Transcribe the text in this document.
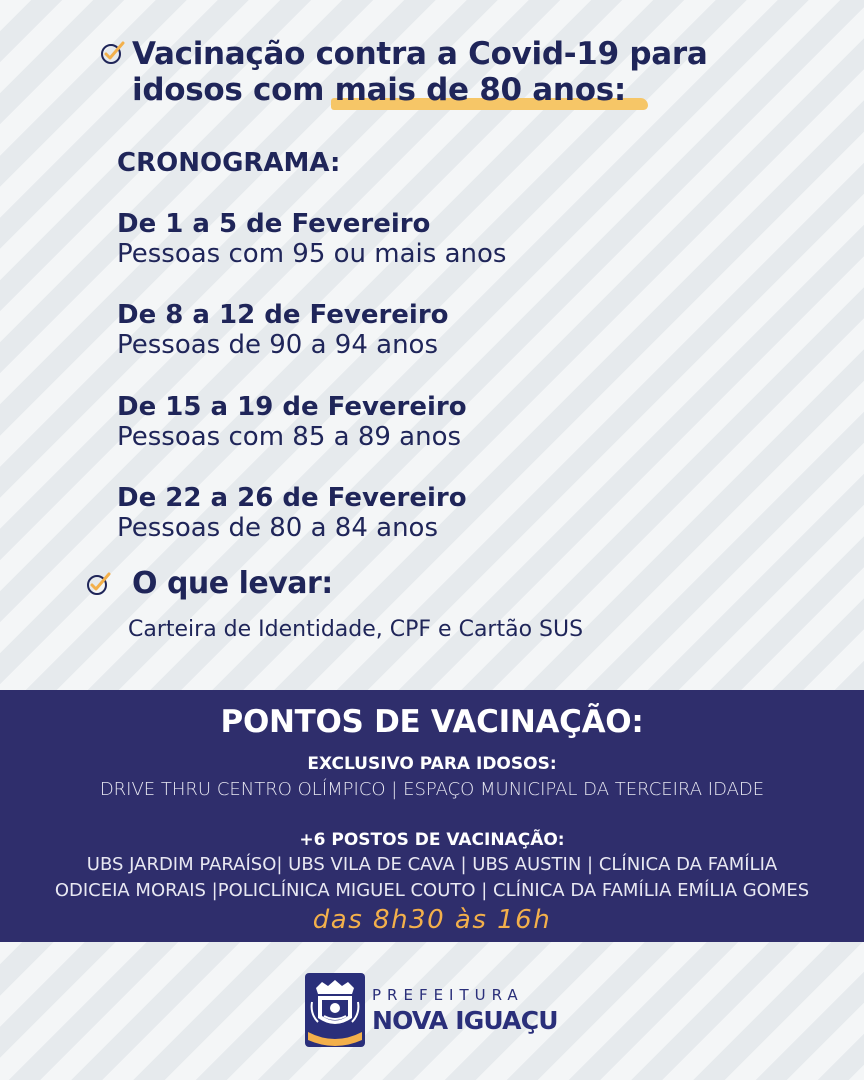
Vacinação contra a Covid-19 para
idosos com mais de 80 anos:
CRONOGRAMA:
De 1 a 5 de Fevereiro
Pessoas com 95 ou mais anos
De 8 a 12 de Fevereiro
Pessoas de 90 a 94 anos
De 15 a 19 de Fevereiro
Pessoas com 85 a 89 anos
De 22 a 26 de Fevereiro
Pessoas de 80 a 84 anos
O que levar:
Carteira de Identidade, CPF e Cartão SUS
PONTOS DE VACINAÇÃO:
EXCLUSIVO PARA IDOSOS:
DRIVE THRU CENTRO OLÍMPICO | ESPAÇO MUNICIPAL DA TERCEIRA IDADE
+6 POSTOS DE VACINAÇÃO:
UBS JARDIM PARAÍSO| UBS VILA DE CAVA | UBS AUSTIN | CLÍNICA DA FAMÍLIA
ODICEIA MORAIS |POLICLÍNICA MIGUEL COUTO | CLÍNICA DA FAMÍLIA EMÍLIA GOMES
das 8h30 às 16h
PREFEITURA
NOVA IGUAÇU
